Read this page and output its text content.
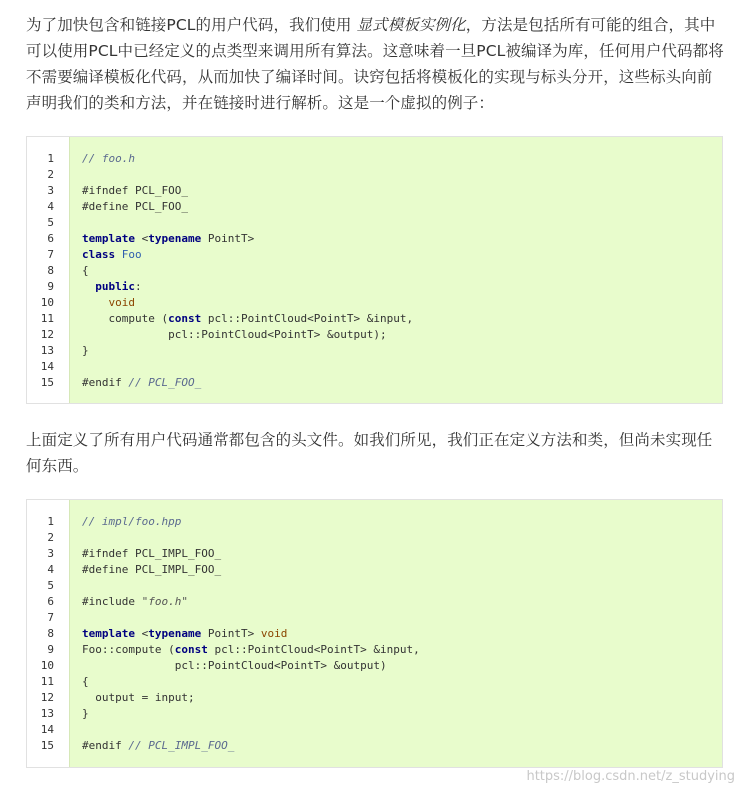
为了加快包含和链接PCL的用户代码，我们使用 显式模板实例化，方法是包括所有可能的组合，其中可以使用PCL中已经定义的点类型来调用所有算法。这意味着一旦PCL被编译为库，任何用户代码都将不需要编译模板化代码，从而加快了编译时间。诀窍包括将模板化的实现与标头分开，这些标头向前声明我们的类和方法，并在链接时进行解析。这是一个虚拟的例子：

1
2
3
4
5
6
7
8
9
10
11
12
13
14
15
// foo.h
#ifndef PCL_FOO_
#define PCL_FOO_
template <typename PointT>
class Foo
{
public:
void
compute (const pcl::PointCloud<PointT> &input,
pcl::PointCloud<PointT> &output);
}
#endif // PCL_FOO_

上面定义了所有用户代码通常都包含的头文件。如我们所见，我们正在定义方法和类，但尚未实现任何东西。

1
2
3
4
5
6
7
8
9
10
11
12
13
14
15
// impl/foo.hpp
#ifndef PCL_IMPL_FOO_
#define PCL_IMPL_FOO_
#include "foo.h"
template <typename PointT> void
Foo::compute (const pcl::PointCloud<PointT> &input,
pcl::PointCloud<PointT> &output)
{
output = input;
}
#endif // PCL_IMPL_FOO_
https://blog.csdn.net/z_studying
